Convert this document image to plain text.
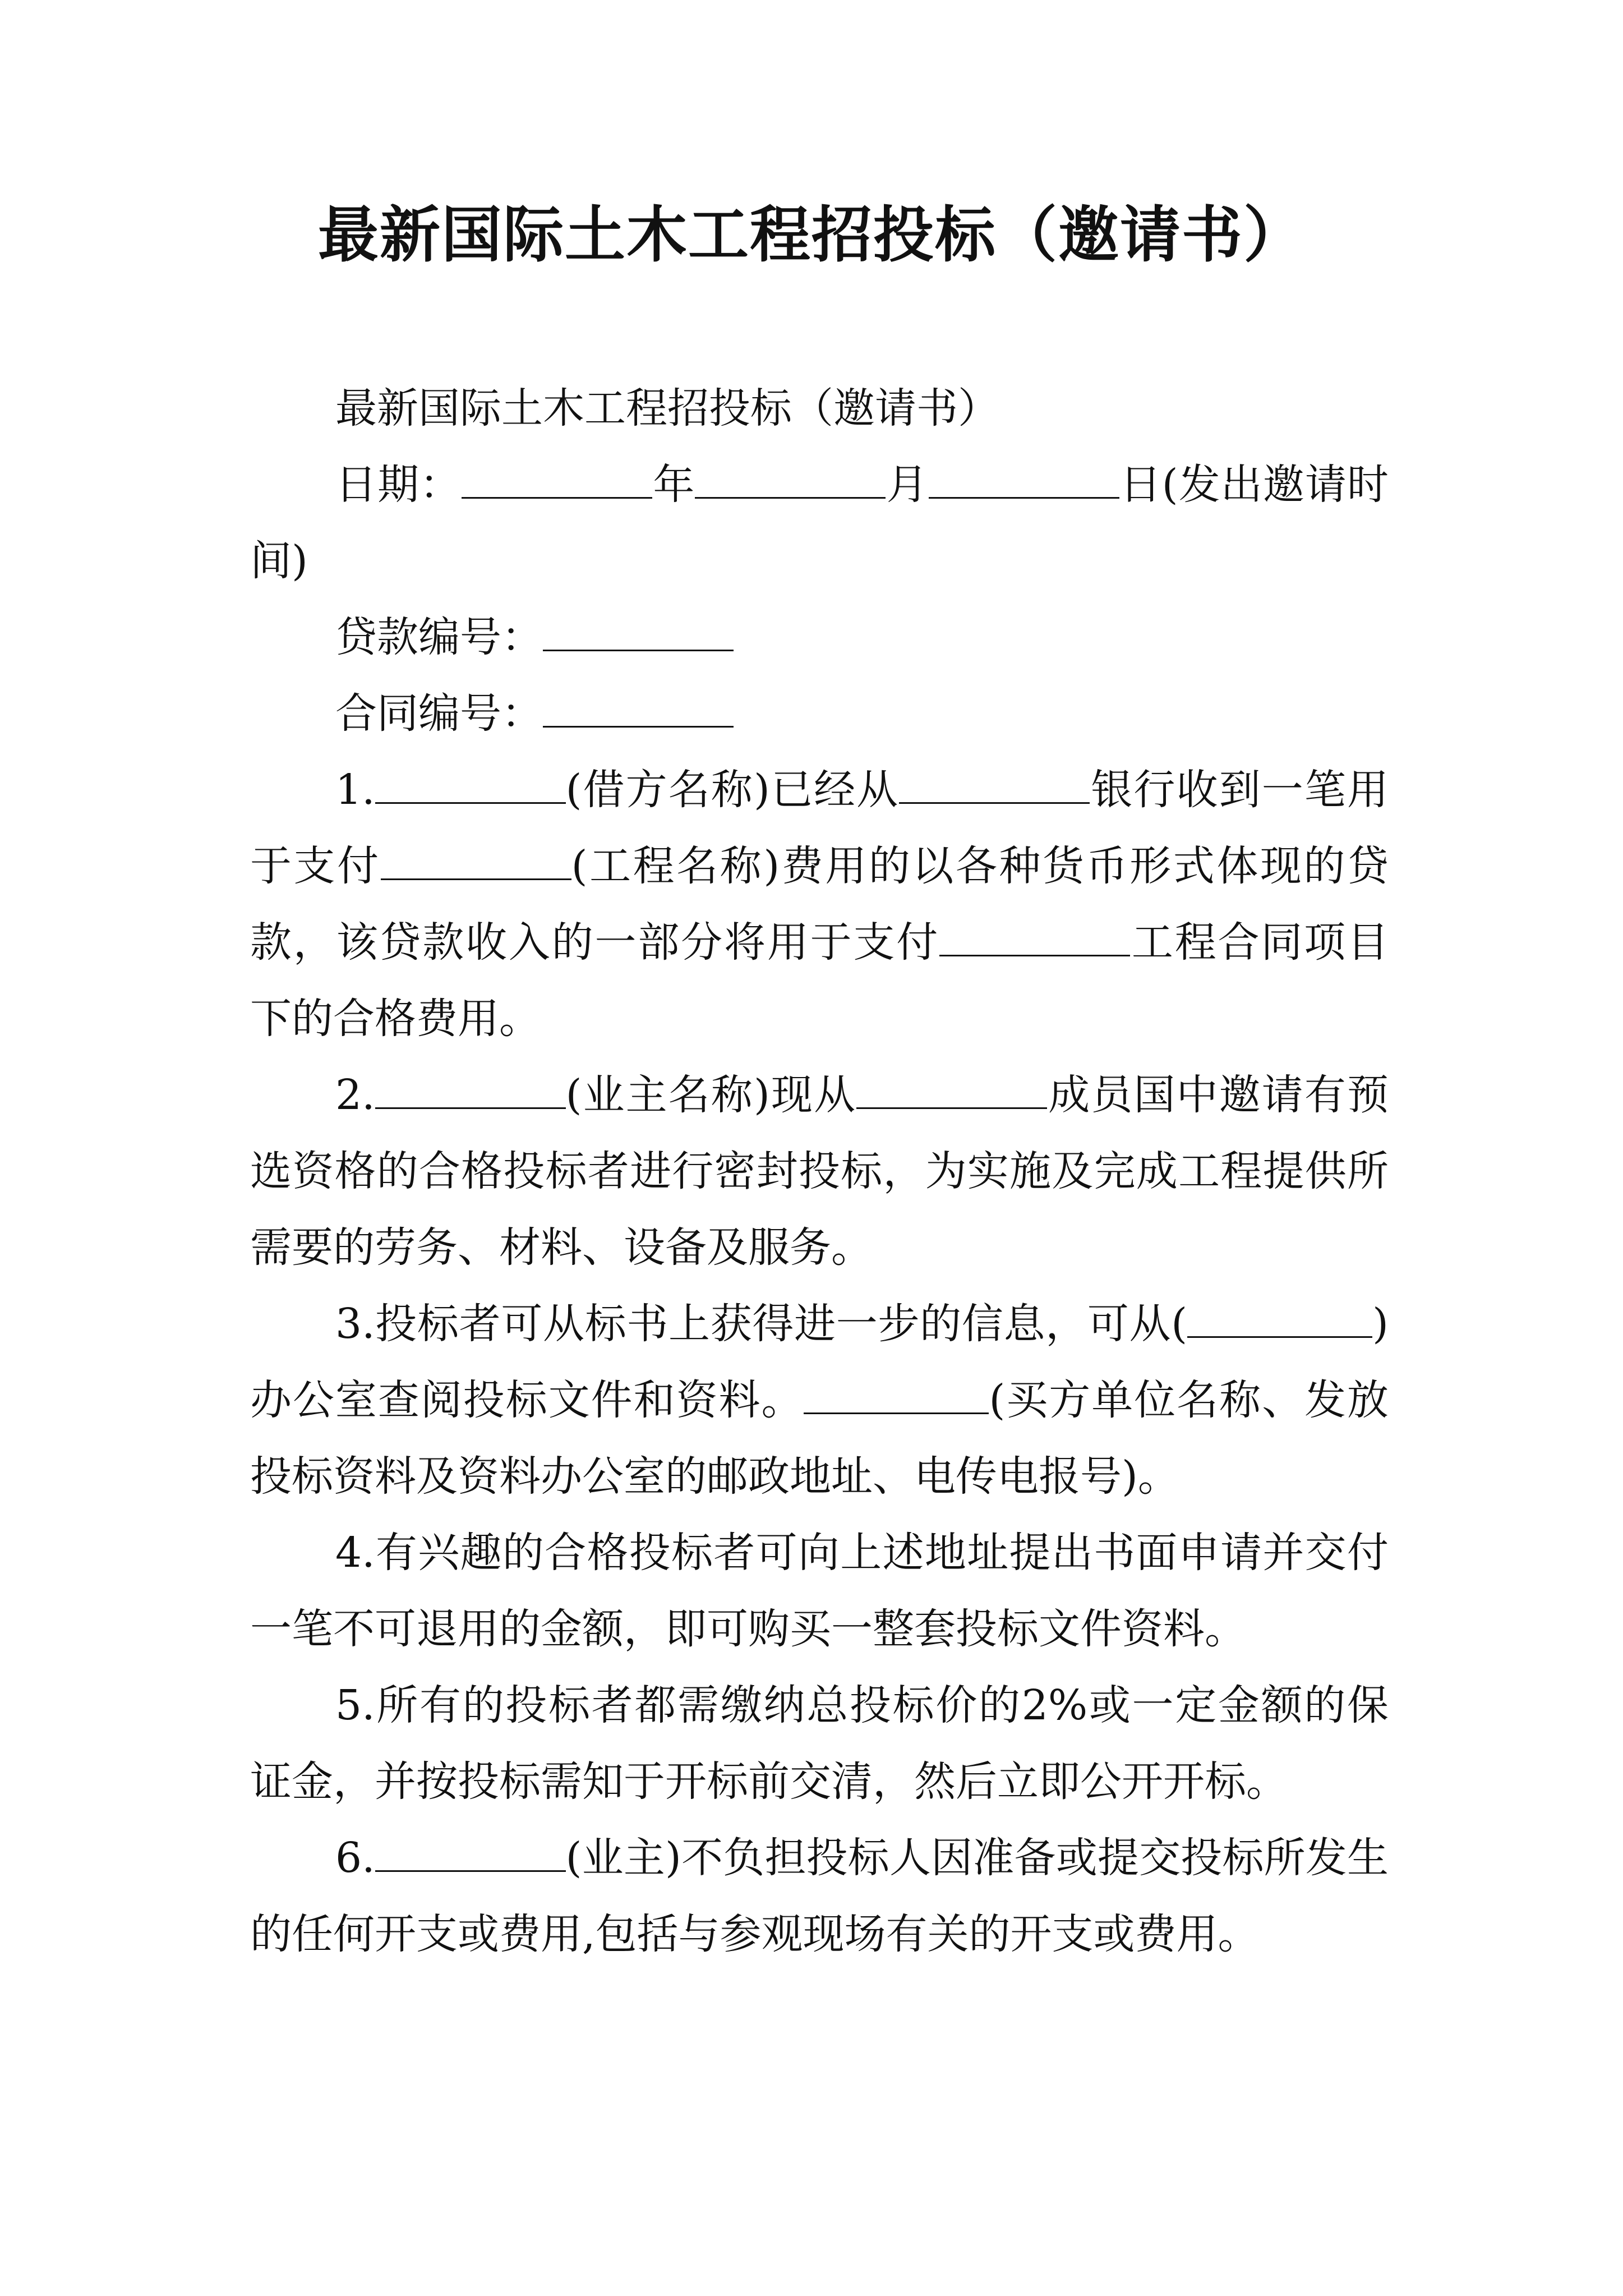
最新国际土木工程招投标（邀请书）

最新国际土木工程招投标（邀请书）

日期：	年	月	日(发出邀请时间)

贷款编号：

合同编号：

1.	(借方名称)已经从	银行收到一笔用于支付	(工程名称)费用的以各种货币形式体现的贷款，该贷款收入的一部分将用于支付	工程合同项目下的合格费用。

2.	(业主名称)现从	成员国中邀请有预选资格的合格投标者进行密封投标，为实施及完成工程提供所需要的劳务、材料、设备及服务。

3.投标者可从标书上获得进一步的信息，可从(	)办公室查阅投标文件和资料。	(买方单位名称、发放投标资料及资料办公室的邮政地址、电传电报号)。

4.有兴趣的合格投标者可向上述地址提出书面申请并交付一笔不可退用的金额，即可购买一整套投标文件资料。

5.所有的投标者都需缴纳总投标价的2%或一定金额的保证金，并按投标需知于开标前交清，然后立即公开开标。

6.	(业主)不负担投标人因准备或提交投标所发生的任何开支或费用,包括与参观现场有关的开支或费用。
